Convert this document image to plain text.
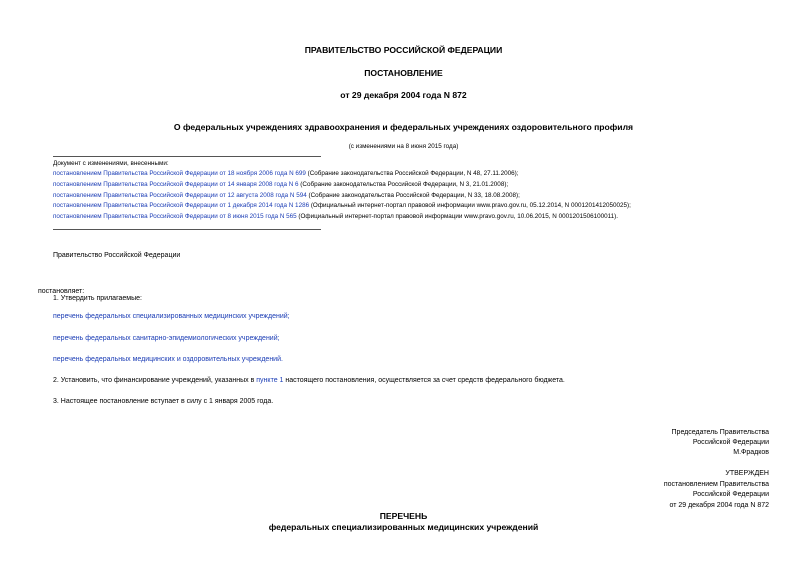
ПРАВИТЕЛЬСТВО РОССИЙСКОЙ ФЕДЕРАЦИИ
ПОСТАНОВЛЕНИЕ
от 29 декабря 2004 года N 872
О федеральных учреждениях здравоохранения и федеральных учреждениях оздоровительного профиля
(с изменениями на 8 июня 2015 года)
Документ с изменениями, внесенными:
постановлением Правительства Российской Федерации от 18 ноября 2006 года N 699 (Собрание законодательства Российской Федерации, N 48, 27.11.2006);
постановлением Правительства Российской Федерации от 14 января 2008 года N 6 (Собрание законодательства Российской Федерации, N 3, 21.01.2008);
постановлением Правительства Российской Федерации от 12 августа 2008 года N 594 (Собрание законодательства Российской Федерации, N 33, 18.08.2008);
постановлением Правительства Российской Федерации от 1 декабря 2014 года N 1286 (Официальный интернет-портал правовой информации www.pravo.gov.ru, 05.12.2014, N 0001201412050025);
постановлением Правительства Российской Федерации от 8 июня 2015 года N 565 (Официальный интернет-портал правовой информации www.pravo.gov.ru, 10.06.2015, N 0001201506100011).
Правительство Российской Федерации
постановляет:
1. Утвердить прилагаемые:
перечень федеральных специализированных медицинских учреждений;
перечень федеральных санитарно-эпидемиологических учреждений;
перечень федеральных медицинских и оздоровительных учреждений.
2. Установить, что финансирование учреждений, указанных в пункте 1 настоящего постановления, осуществляется за счет средств федерального бюджета.
3. Настоящее постановление вступает в силу с 1 января 2005 года.
Председатель Правительства
Российской Федерации
М.Фрадков
УТВЕРЖДЕН
постановлением Правительства
Российской Федерации
от 29 декабря 2004 года N 872
ПЕРЕЧЕНЬ
федеральных специализированных медицинских учреждений
